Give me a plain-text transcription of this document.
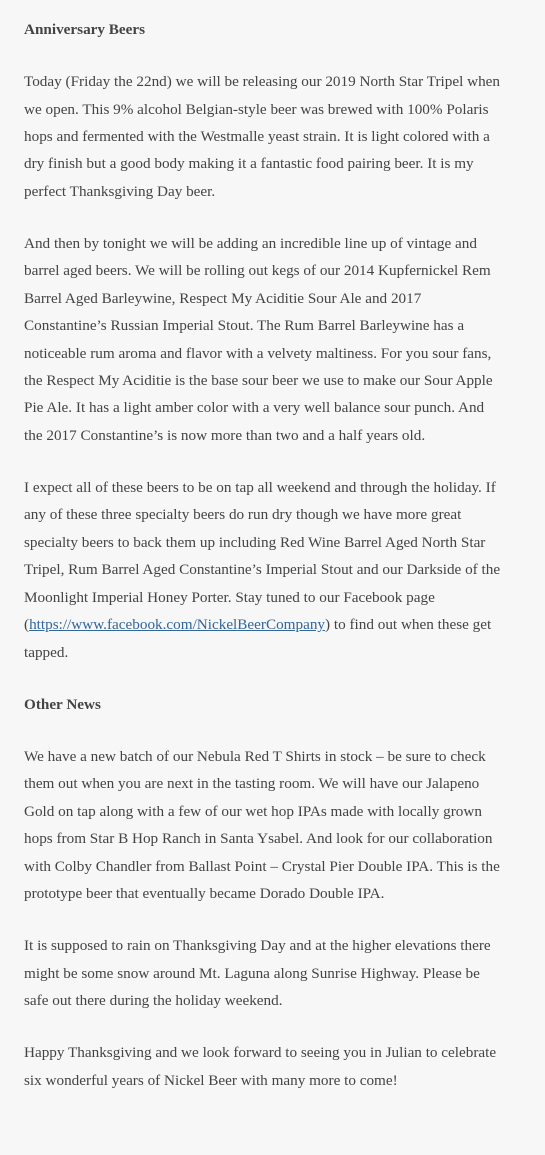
Anniversary Beers

Today (Friday the 22nd) we will be releasing our 2019 North Star Tripel when we open. This 9% alcohol Belgian-style beer was brewed with 100% Polaris hops and fermented with the Westmalle yeast strain. It is light colored with a dry finish but a good body making it a fantastic food pairing beer. It is my perfect Thanksgiving Day beer.

And then by tonight we will be adding an incredible line up of vintage and barrel aged beers. We will be rolling out kegs of our 2014 Kupfernickel Rem Barrel Aged Barleywine, Respect My Aciditie Sour Ale and 2017 Constantine’s Russian Imperial Stout. The Rum Barrel Barleywine has a noticeable rum aroma and flavor with a velvety maltiness. For you sour fans, the Respect My Aciditie is the base sour beer we use to make our Sour Apple Pie Ale. It has a light amber color with a very well balance sour punch. And the 2017 Constantine’s is now more than two and a half years old.

I expect all of these beers to be on tap all weekend and through the holiday. If any of these three specialty beers do run dry though we have more great specialty beers to back them up including Red Wine Barrel Aged North Star Tripel, Rum Barrel Aged Constantine’s Imperial Stout and our Darkside of the Moonlight Imperial Honey Porter. Stay tuned to our Facebook page (https://www.facebook.com/NickelBeerCompany) to find out when these get tapped.

Other News

We have a new batch of our Nebula Red T Shirts in stock – be sure to check them out when you are next in the tasting room. We will have our Jalapeno Gold on tap along with a few of our wet hop IPAs made with locally grown hops from Star B Hop Ranch in Santa Ysabel. And look for our collaboration with Colby Chandler from Ballast Point – Crystal Pier Double IPA. This is the prototype beer that eventually became Dorado Double IPA.

It is supposed to rain on Thanksgiving Day and at the higher elevations there might be some snow around Mt. Laguna along Sunrise Highway. Please be safe out there during the holiday weekend.

Happy Thanksgiving and we look forward to seeing you in Julian to celebrate six wonderful years of Nickel Beer with many more to come!
